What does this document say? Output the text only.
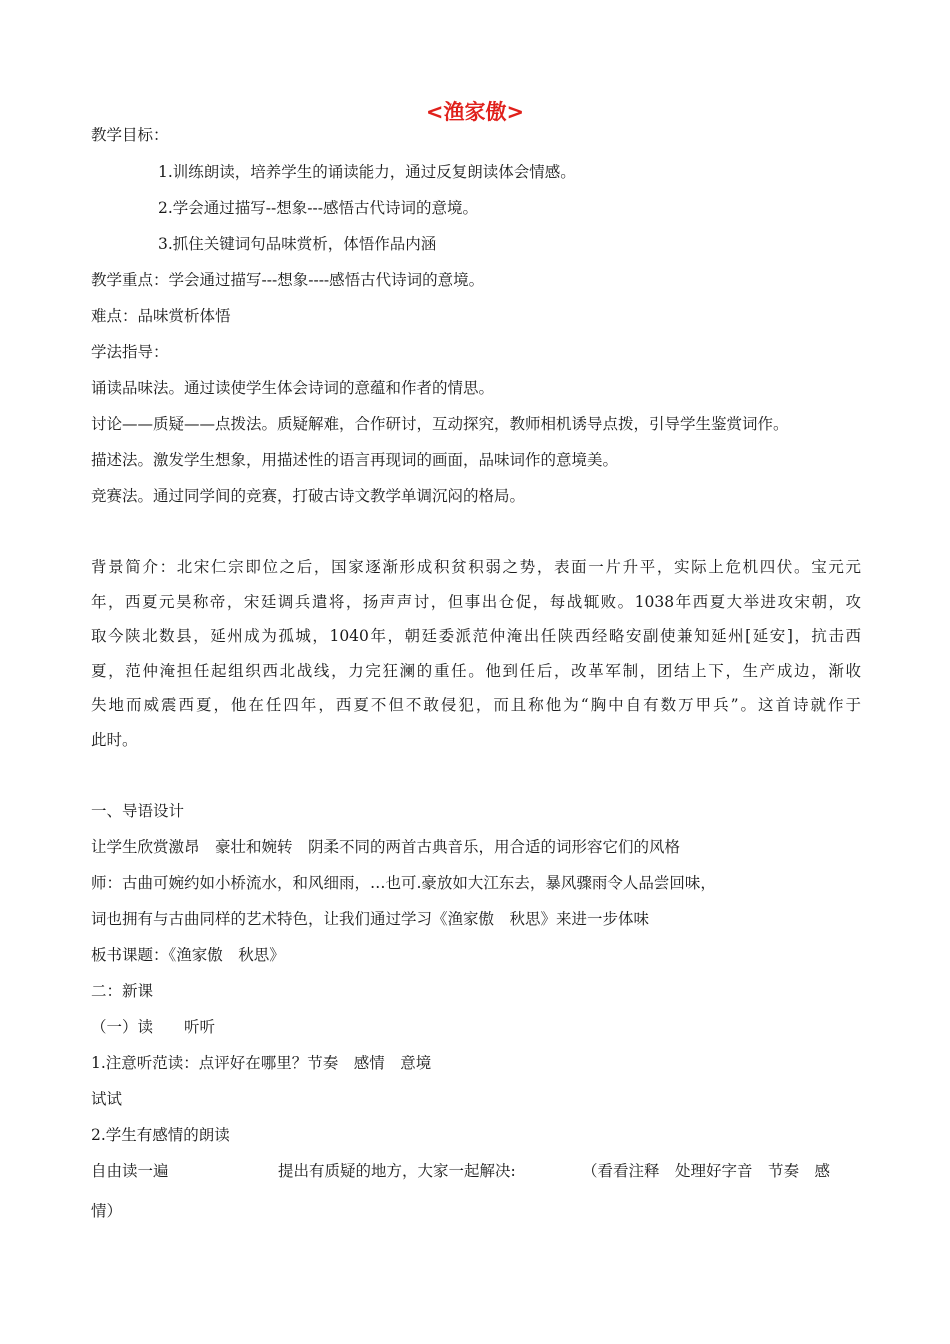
<渔家傲>
教学目标：
1.训练朗读，培养学生的诵读能力，通过反复朗读体会情感。
2.学会通过描写--想象---感悟古代诗词的意境。
3.抓住关键词句品味赏析，体悟作品内涵
教学重点：学会通过描写---想象----感悟古代诗词的意境。
难点：品味赏析体悟
学法指导：
诵读品味法。通过读使学生体会诗词的意蕴和作者的情思。
讨论——质疑——点拨法。质疑解难，合作研讨，互动探究，教师相机诱导点拨，引导学生鉴赏词作。
描述法。激发学生想象，用描述性的语言再现词的画面，品味词作的意境美。
竞赛法。通过同学间的竞赛，打破古诗文教学单调沉闷的格局。
背景简介：北宋仁宗即位之后，国家逐渐形成积贫积弱之势，表面一片升平，实际上危机四伏。宝元元
年，西夏元昊称帝，宋廷调兵遣将，扬声声讨，但事出仓促，每战辄败。1038年西夏大举进攻宋朝，攻
取今陕北数县，延州成为孤城，1040年，朝廷委派范仲淹出任陕西经略安副使兼知延州[延安]，抗击西
夏，范仲淹担任起组织西北战线，力完狂澜的重任。他到任后，改革军制，团结上下，生产成边，渐收
失地而威震西夏，他在任四年，西夏不但不敢侵犯，而且称他为“胸中自有数万甲兵”。这首诗就作于
此时。
一、导语设计
让学生欣赏激昂　豪壮和婉转　阴柔不同的两首古典音乐，用合适的词形容它们的风格
师：古曲可婉约如小桥流水，和风细雨，…也可.豪放如大江东去，暴风骤雨令人品尝回味，
词也拥有与古曲同样的艺术特色，让我们通过学习《渔家傲　秋思》来进一步体味
板书课题：《渔家傲　秋思》
二：新课
（一）读　　听听
1.注意听范读：点评好在哪里？节奏　感情　意境
试试
2.学生有感情的朗读
自由读一遍	提出有质疑的地方，大家一起解决:	（看看注释　处理好字音　节奏　感
情）
